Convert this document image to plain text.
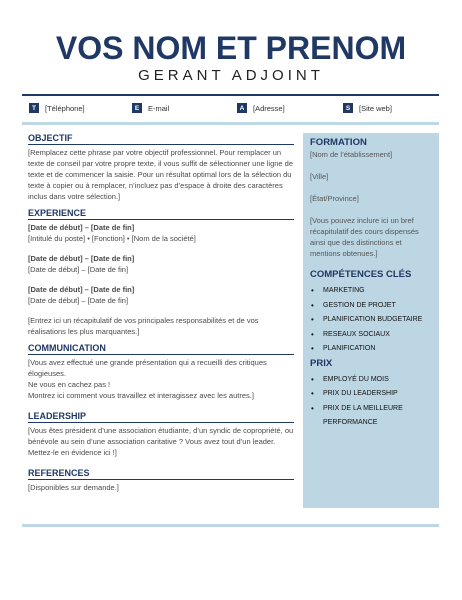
VOS NOM ET PRENOM
GERANT ADJOINT
T	[Téléphone]	E	E-mail	A	[Adresse]	S	[Site web]
OBJECTIF

[Remplacez cette phrase par votre objectif professionnel. Pour remplacer un texte de conseil par votre propre texte, il vous suffit de sélectionner une ligne de texte et de commencer la saisie. Pour un résultat optimal lors de la sélection du texte à copier ou à remplacer, n’incluez pas d’espace à droite des caractères inclus dans votre sélection.]

EXPERIENCE
[Date de début] – [Date de fin]
[Intitulé du poste] • [Fonction] • [Nom de la société]
[Date de début] – [Date de fin]
[Date de début] – [Date de fin]
[Date de début] – [Date de fin]
[Date de début] – [Date de fin]

[Entrez ici un récapitulatif de vos principales responsabilités et de vos réalisations les plus marquantes.]

COMMUNICATION

[Vous avez effectué une grande présentation qui a recueilli des critiques élogieuses.

Ne vous en cachez pas !

Montrez ici comment vous travaillez et interagissez avec les autres.]

LEADERSHIP

[Vous êtes président d’une association étudiante, d’un syndic de copropriété, ou bénévole au sein d’une association caritative ? Vous avez tout d’un leader. Mettez-le en évidence ici !]

REFERENCES

[Disponibles sur demande.]

FORMATION
[Nom de l’établissement]
[Ville]
[État/Province]
[Vous pouvez inclure ici un bref récapitulatif des cours dispensés ainsi que des distinctions et mentions obtenues.]
COMPÉTENCES CLÉS
• MARKETING
• GESTION DE PROJET
• PLANIFICATION BUDGETAIRE
• RESEAUX SOCIAUX
• PLANIFICATION
PRIX
• EMPLOYÉ DU MOIS
• PRIX DU LEADERSHIP
• PRIX DE LA MEILLEURE PERFORMANCE
